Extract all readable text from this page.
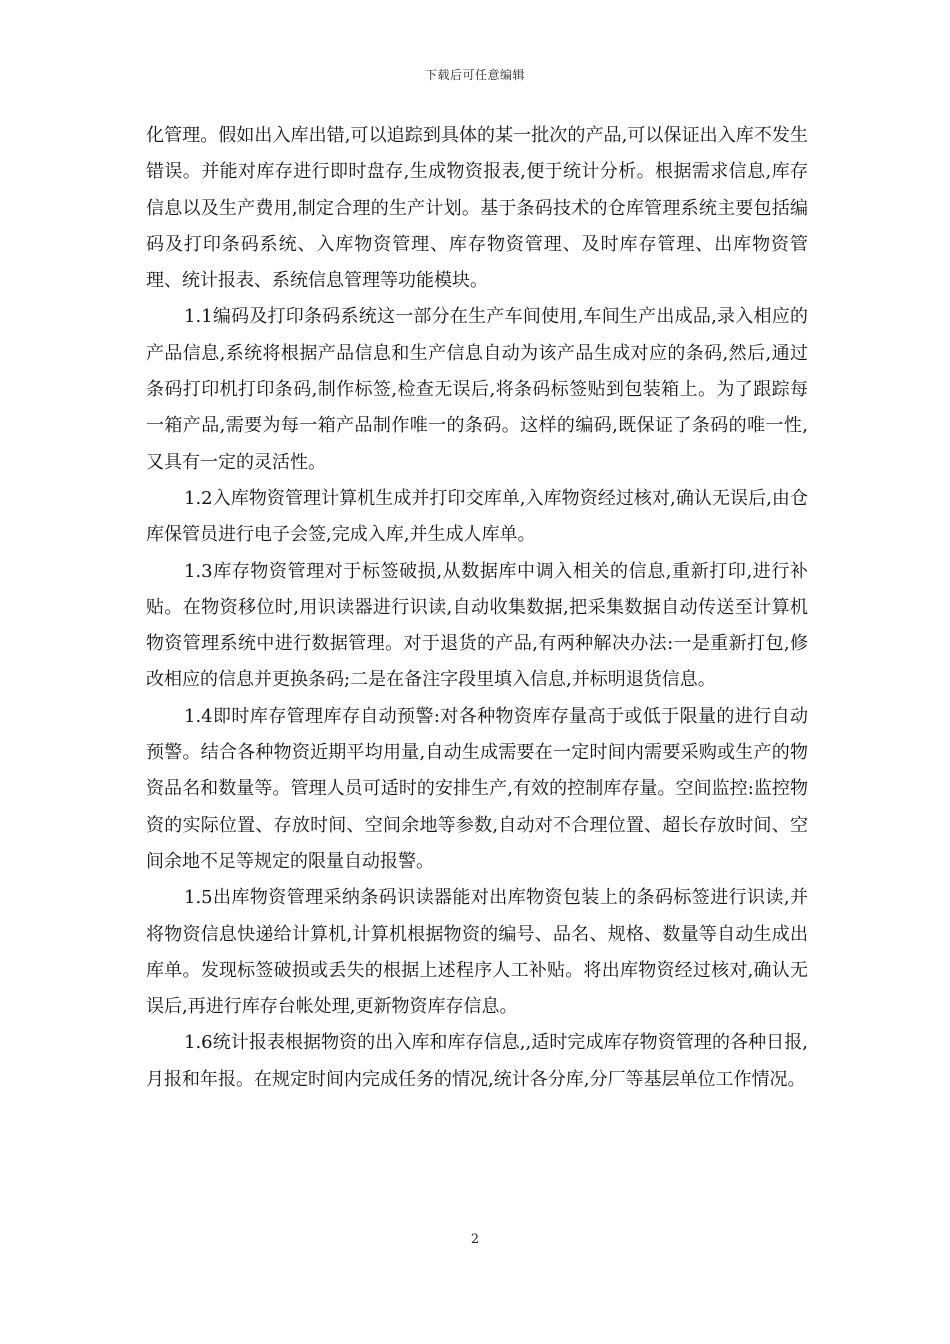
下载后可任意编辑

化管理。假如出入库出错,可以追踪到具体的某一批次的产品,可以保证出入库不发生错误。并能对库存进行即时盘存,生成物资报表,便于统计分析。根据需求信息,库存信息以及生产费用,制定合理的生产计划。基于条码技术的仓库管理系统主要包括编码及打印条码系统、入库物资管理、库存物资管理、及时库存管理、出库物资管理、统计报表、系统信息管理等功能模块。

1.1编码及打印条码系统这一部分在生产车间使用,车间生产出成品,录入相应的产品信息,系统将根据产品信息和生产信息自动为该产品生成对应的条码,然后,通过条码打印机打印条码,制作标签,检查无误后,将条码标签贴到包装箱上。为了跟踪每一箱产品,需要为每一箱产品制作唯一的条码。这样的编码,既保证了条码的唯一性,又具有一定的灵活性。

1.2入库物资管理计算机生成并打印交库单,入库物资经过核对,确认无误后,由仓库保管员进行电子会签,完成入库,并生成人库单。

1.3库存物资管理对于标签破损,从数据库中调入相关的信息,重新打印,进行补贴。在物资移位时,用识读器进行识读,自动收集数据,把采集数据自动传送至计算机物资管理系统中进行数据管理。对于退货的产品,有两种解决办法:一是重新打包,修改相应的信息并更换条码;二是在备注字段里填入信息,并标明退货信息。

1.4即时库存管理库存自动预警:对各种物资库存量高于或低于限量的进行自动预警。结合各种物资近期平均用量,自动生成需要在一定时间内需要采购或生产的物资品名和数量等。管理人员可适时的安排生产,有效的控制库存量。空间监控:监控物资的实际位置、存放时间、空间余地等参数,自动对不合理位置、超长存放时间、空间余地不足等规定的限量自动报警。

1.5出库物资管理采纳条码识读器能对出库物资包装上的条码标签进行识读,并将物资信息快递给计算机,计算机根据物资的编号、品名、规格、数量等自动生成出库单。发现标签破损或丢失的根据上述程序人工补贴。将出库物资经过核对,确认无误后,再进行库存台帐处理,更新物资库存信息。

1.6统计报表根据物资的出入库和库存信息,,适时完成库存物资管理的各种日报,月报和年报。在规定时间内完成任务的情况,统计各分库,分厂等基层单位工作情况。

2
